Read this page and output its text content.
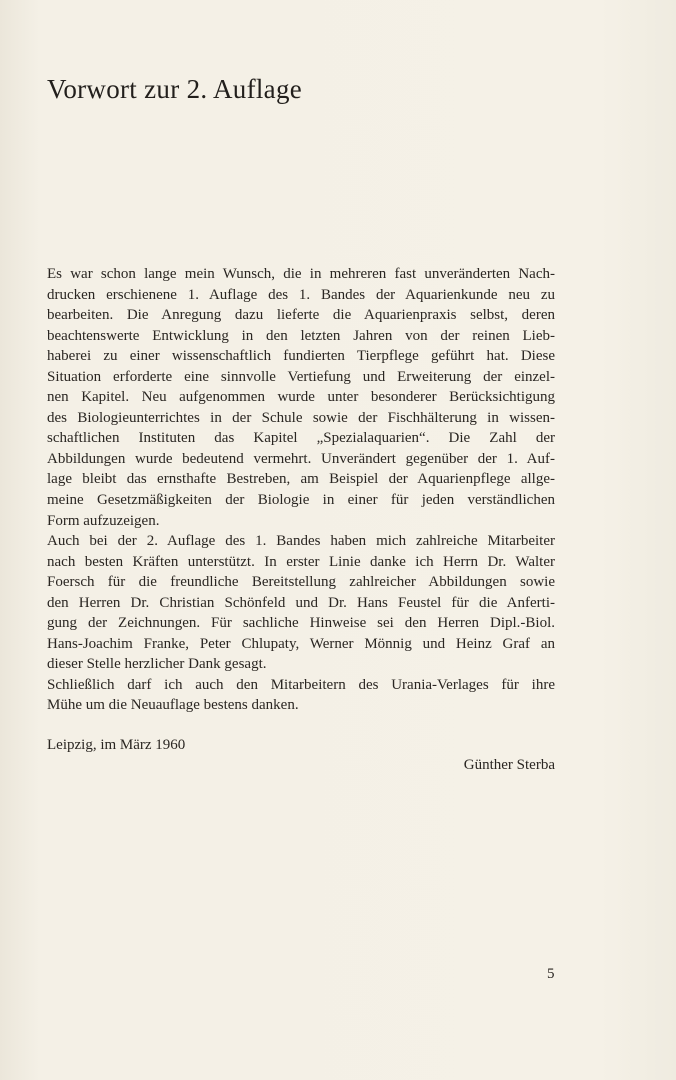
Vorwort zur 2. Auflage
Es war schon lange mein Wunsch, die in mehreren fast unveränderten Nach-
drucken erschienene 1. Auflage des 1. Bandes der Aquarienkunde neu zu
bearbeiten. Die Anregung dazu lieferte die Aquarienpraxis selbst, deren
beachtenswerte Entwicklung in den letzten Jahren von der reinen Lieb-
haberei zu einer wissenschaftlich fundierten Tierpflege geführt hat. Diese
Situation erforderte eine sinnvolle Vertiefung und Erweiterung der einzel-
nen Kapitel. Neu aufgenommen wurde unter besonderer Berücksichtigung
des Biologieunterrichtes in der Schule sowie der Fischhälterung in wissen-
schaftlichen Instituten das Kapitel „Spezialaquarien“. Die Zahl der
Abbildungen wurde bedeutend vermehrt. Unverändert gegenüber der 1. Auf-
lage bleibt das ernsthafte Bestreben, am Beispiel der Aquarienpflege allge-
meine Gesetzmäßigkeiten der Biologie in einer für jeden verständlichen
Form aufzuzeigen.
Auch bei der 2. Auflage des 1. Bandes haben mich zahlreiche Mitarbeiter
nach besten Kräften unterstützt. In erster Linie danke ich Herrn Dr. Walter
Foersch für die freundliche Bereitstellung zahlreicher Abbildungen sowie
den Herren Dr. Christian Schönfeld und Dr. Hans Feustel für die Anferti-
gung der Zeichnungen. Für sachliche Hinweise sei den Herren Dipl.-Biol.
Hans-Joachim Franke, Peter Chlupaty, Werner Mönnig und Heinz Graf an
dieser Stelle herzlicher Dank gesagt.
Schließlich darf ich auch den Mitarbeitern des Urania-Verlages für ihre
Mühe um die Neuauflage bestens danken.
Leipzig, im März 1960
Günther Sterba
5
